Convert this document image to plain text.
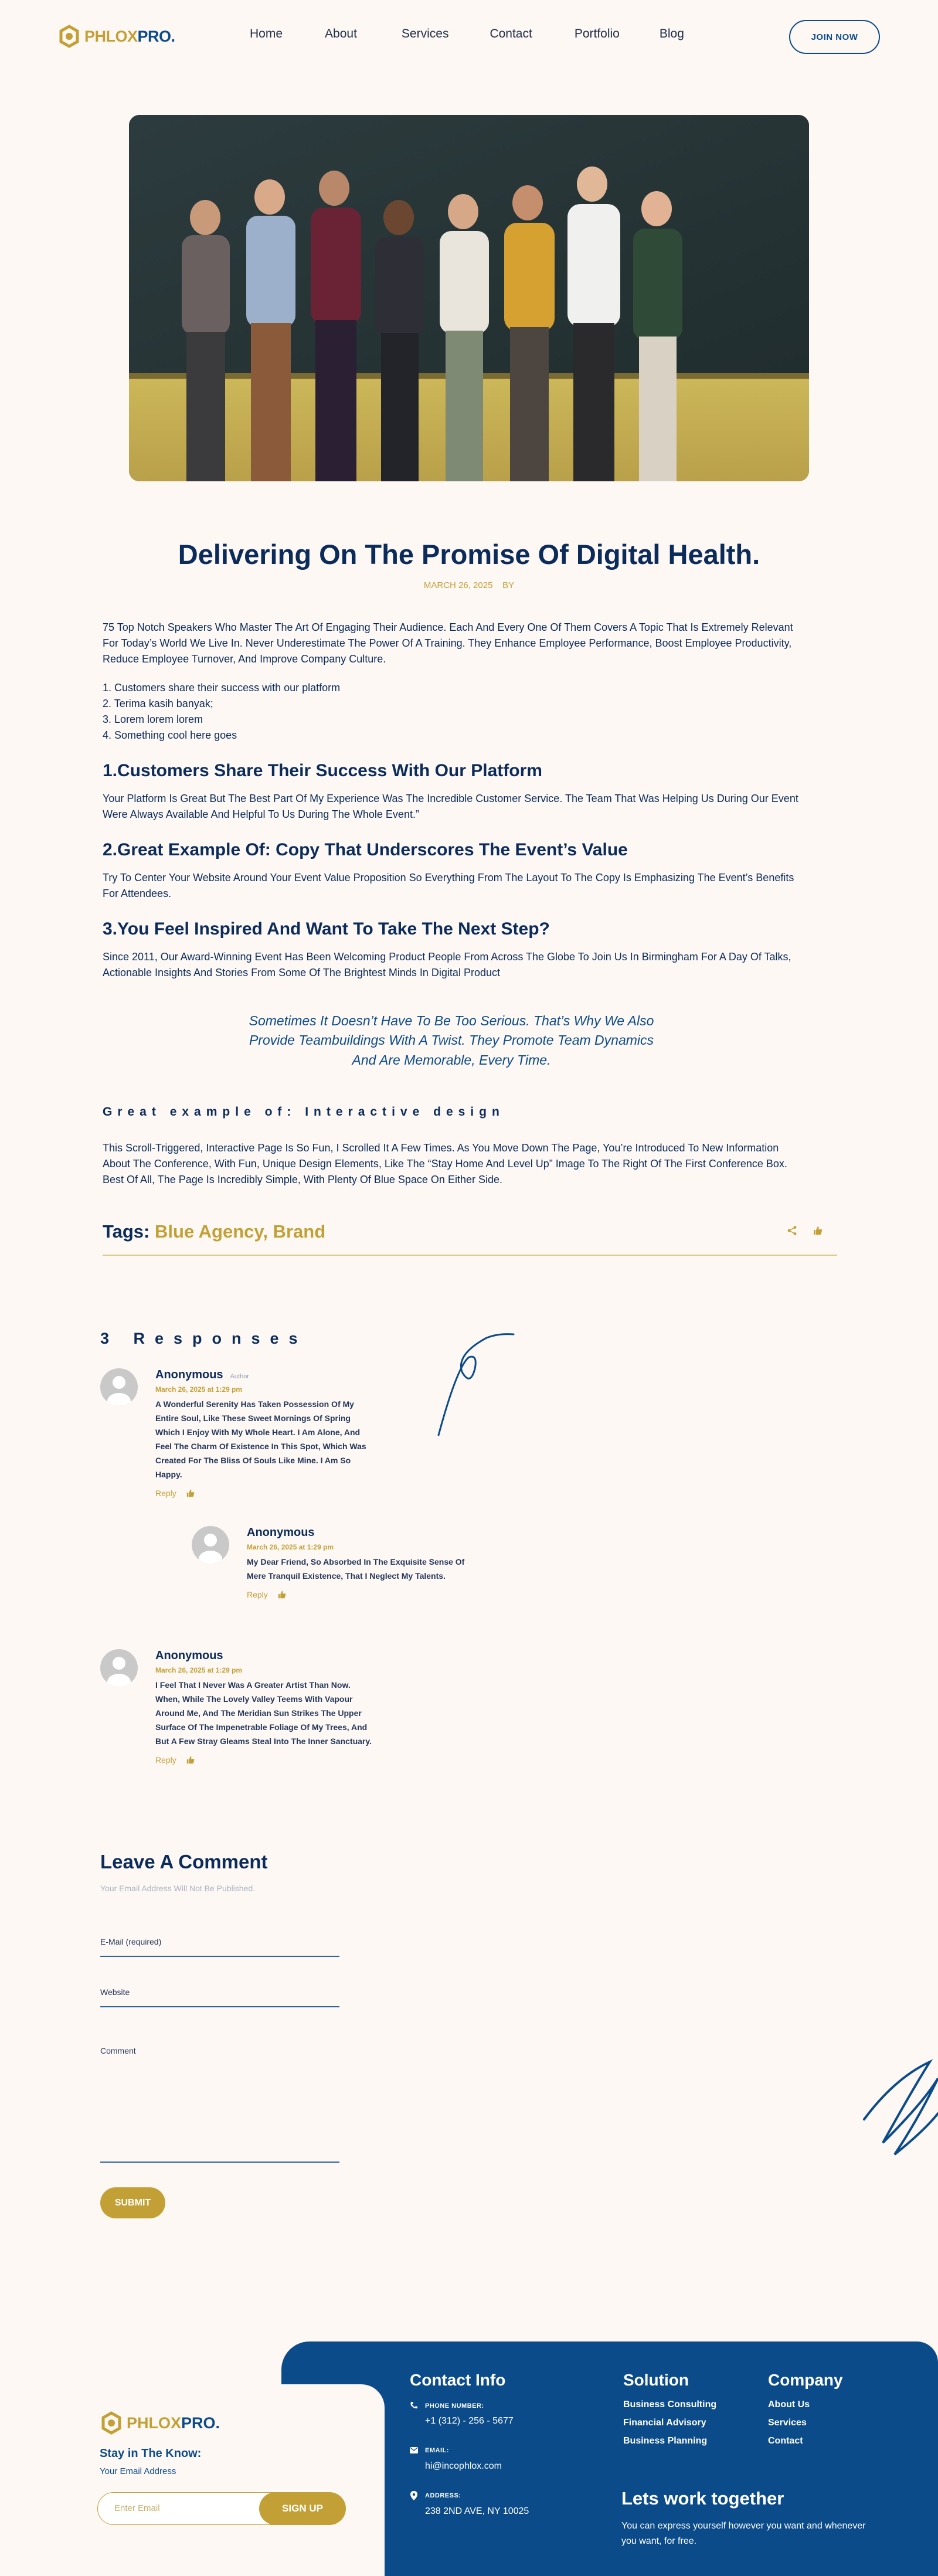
PHLOX PRO.	Home	About	Services	Contact	Portfolio	Blog	JOIN NOW
Delivering On The Promise Of Digital Health.
MARCH 26, 2025 BY

75 Top Notch Speakers Who Master The Art Of Engaging Their Audience. Each And Every One Of Them Covers A Topic That Is Extremely Relevant For Today’s World We Live In. Never Underestimate The Power Of A Training. They Enhance Employee Performance, Boost Employee Productivity, Reduce Employee Turnover, And Improve Company Culture.

1. Customers share their success with our platform
2. Terima kasih banyak;
3. Lorem lorem lorem
4. Something cool here goes
1.Customers Share Their Success With Our Platform

Your Platform Is Great But The Best Part Of My Experience Was The Incredible Customer Service. The Team That Was Helping Us During Our Event Were Always Available And Helpful To Us During The Whole Event.”

2.Great Example Of: Copy That Underscores The Event’s Value

Try To Center Your Website Around Your Event Value Proposition So Everything From The Layout To The Copy Is Emphasizing The Event’s Benefits For Attendees.

3.You Feel Inspired And Want To Take The Next Step?

Since 2011, Our Award-Winning Event Has Been Welcoming Product People From Across The Globe To Join Us In Birmingham For A Day Of Talks, Actionable Insights And Stories From Some Of The Brightest Minds In Digital Product

Sometimes It Doesn’t Have To Be Too Serious. That’s Why We Also
Provide Teambuildings With A Twist. They Promote Team Dynamics
And Are Memorable, Every Time.
Great example of: Interactive design

This Scroll-Triggered, Interactive Page Is So Fun, I Scrolled It A Few Times. As You Move Down The Page, You’re Introduced To New Information About The Conference, With Fun, Unique Design Elements, Like The “Stay Home And Level Up” Image To The Right Of The First Conference Box. Best Of All, The Page Is Incredibly Simple, With Plenty Of Blue Space On Either Side.

Tags: Blue Agency, Brand
3 Responses
Anonymous Author
March 26, 2025 at 1:29 pm
A Wonderful Serenity Has Taken Possession Of My Entire Soul, Like These Sweet Mornings Of Spring Which I Enjoy With My Whole Heart. I Am Alone, And Feel The Charm Of Existence In This Spot, Which Was Created For The Bliss Of Souls Like Mine. I Am So Happy.
Reply
Anonymous
March 26, 2025 at 1:29 pm
My Dear Friend, So Absorbed In The Exquisite Sense Of Mere Tranquil Existence, That I Neglect My Talents.
Reply
Anonymous
March 26, 2025 at 1:29 pm
I Feel That I Never Was A Greater Artist Than Now. When, While The Lovely Valley Teems With Vapour Around Me, And The Meridian Sun Strikes The Upper Surface Of The Impenetrable Foliage Of My Trees, And But A Few Stray Gleams Steal Into The Inner Sanctuary.
Reply
Leave A Comment
Your Email Address Will Not Be Published.
E-Mail (required)
Website
Comment
SUBMIT
Contact Info
PHONE NUMBER:
+1 (312) - 256 - 5677
EMAIL:
hi@incophlox.com
ADDRESS:
238 2ND AVE, NY 10025
Solution
Business Consulting
Financial Advisory
Business Planning
Company
About Us
Services
Contact
Lets work together
You can express yourself however you want and whenever you want, for free.
PHLOX PRO.
Stay in The Know:
Your Email Address
Enter Email	SIGN UP
